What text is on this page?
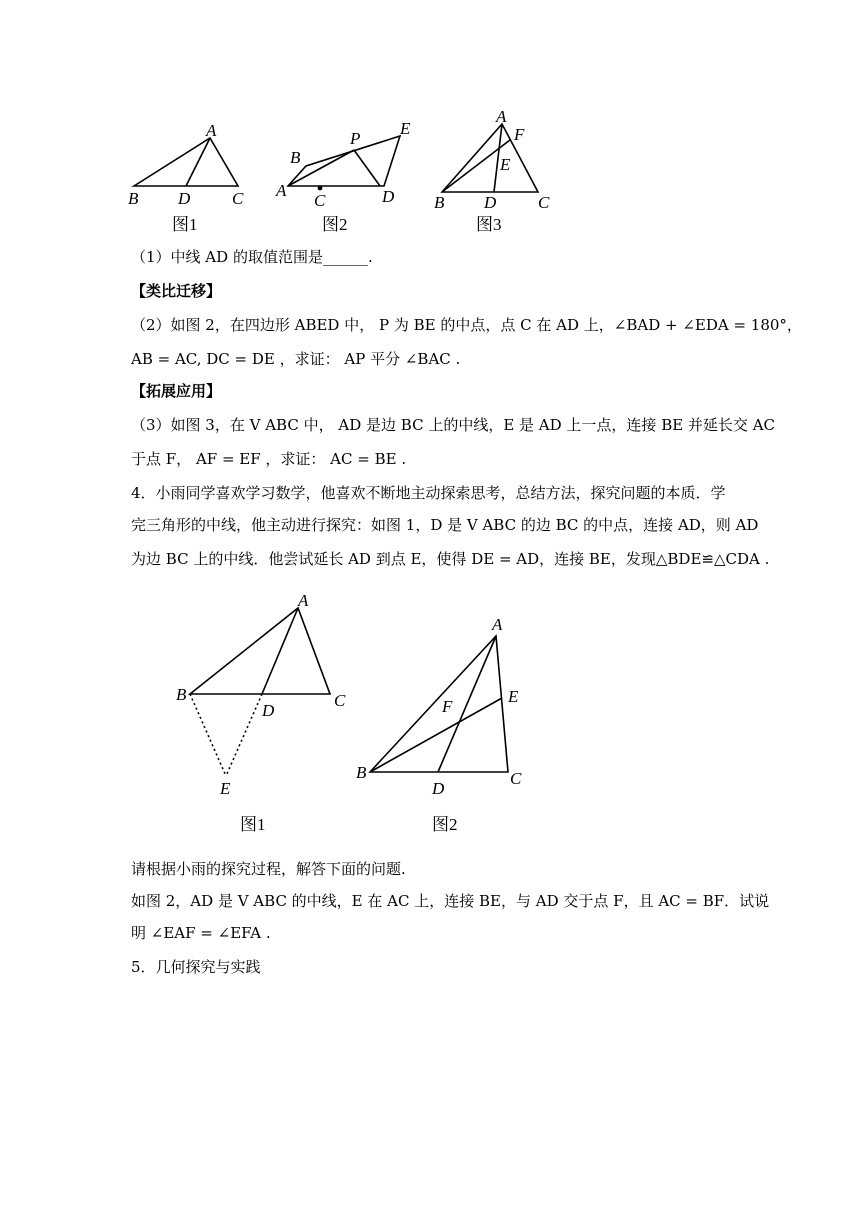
A
B D C
图1
B
P
E
A
C	D
图2
A
F
E
B D C
图3
（1）中线 AD 的取值范围是______.
【类比迁移】
（2）如图 2，在四边形 ABED 中， P 为 BE 的中点，点 C 在 AD 上，∠BAD + ∠EDA = 180°，
AB = AC, DC = DE ，求证： AP 平分 ∠BAC .
【拓展应用】
（3）如图 3，在 V ABC 中， AD 是边 BC 上的中线，E 是 AD 上一点，连接 BE 并延长交 AC
于点 F， AF = EF ，求证： AC = BE .
4．小雨同学喜欢学习数学，他喜欢不断地主动探索思考，总结方法，探究问题的本质．学
完三角形的中线，他主动进行探究：如图 1，D 是 V ABC 的边 BC 的中点，连接 AD，则 AD
为边 BC 上的中线．他尝试延长 AD 到点 E，使得 DE = AD，连接 BE，发现△BDE≌△CDA .
A
B
D
C
E
图1
A
E
F
B
D
C
图2
请根据小雨的探究过程，解答下面的问题.
如图 2，AD 是 V ABC 的中线，E 在 AC 上，连接 BE，与 AD 交于点 F，且 AC = BF．试说
明 ∠EAF = ∠EFA .
5．几何探究与实践
